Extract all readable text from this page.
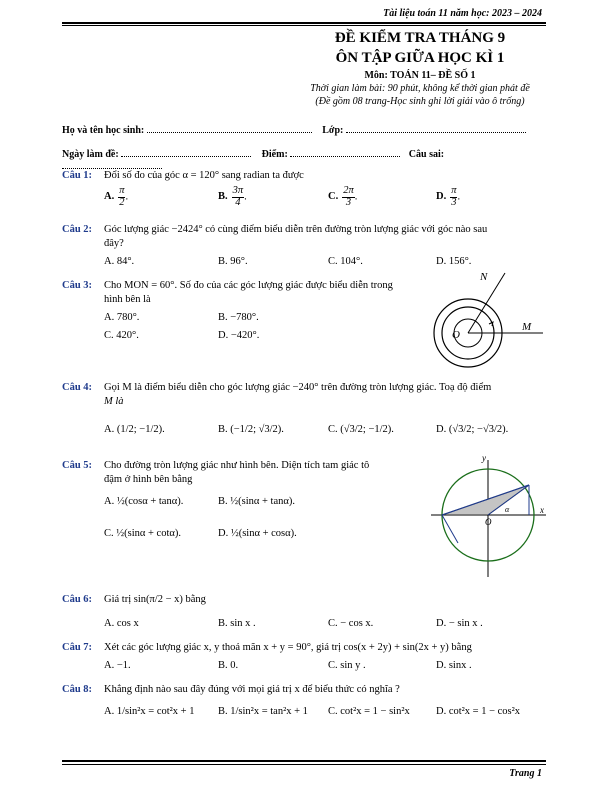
Tài liệu toán 11 năm học: 2023 – 2024
ĐỀ KIỂM TRA THÁNG 9
ÔN TẬP GIỮA HỌC KÌ 1
Môn: TOÁN 11– ĐỀ SỐ 1
Thời gian làm bài: 90 phút, không kể thời gian phát đề
(Đề gồm 08 trang-Học sinh ghi lời giải vào ô trống)
Họ và tên học sinh:	Lớp:
Ngày làm đề:	Điểm:	Câu sai:
Câu 1: Đổi số đo của góc α = 120° sang radian ta được
A. $\frac{\pi}{2}$ .	B. $\frac{3\pi}{4}$ .	C. $\frac{2\pi}{3}$ .	D. $\frac{\pi}{3}$ .
Câu 2: Góc lượng giác −2424° có cùng điểm biểu diễn trên đường tròn lượng giác với góc nào sau
đây?
A. 84°.	B. 96°.	C. 104°.	D. 156°.
Câu 3: Cho MON = 60°. Số đo của các góc lượng giác được biểu diễn trong
hình bên là
A. 780°.	B. −780°.
C. 420°.	D. −420°.
N
O
M
Câu 4: Gọi M là điểm biểu diễn cho góc lượng giác −240° trên đường tròn lượng giác. Toạ độ điểm
M là
A. (1/2; −1/2).	B. (−1/2; √3/2).	C. (√3/2; −1/2).	D. (√3/2; −√3/2).
Câu 5: Cho đường tròn lượng giác như hình bên. Diện tích tam giác tô
đậm ở hình bên bằng
A. ½(cosα + tanα).	B. ½(sinα + tanα).
C. ½(sinα + cotα).	D. ½(sinα + cosα).
y
x
O
α
Câu 6: Giá trị sin(π/2 − x) bằng
A. cos x	B. sin x .	C. − cos x.	D. − sin x .
Câu 7: Xét các góc lượng giác x, y thoả mãn x + y = 90°, giá trị cos(x + 2y) + sin(2x + y) bằng
A. −1.	B. 0.	C. sin y .	D. sinx .
Câu 8: Khẳng định nào sau đây đúng với mọi giá trị x để biểu thức có nghĩa ?
A. 1/sin²x = cot²x + 1 B. 1/sin²x = tan²x + 1 C. cot²x = 1 − sin²x	D. cot²x = 1 − cos²x
Trang 1
